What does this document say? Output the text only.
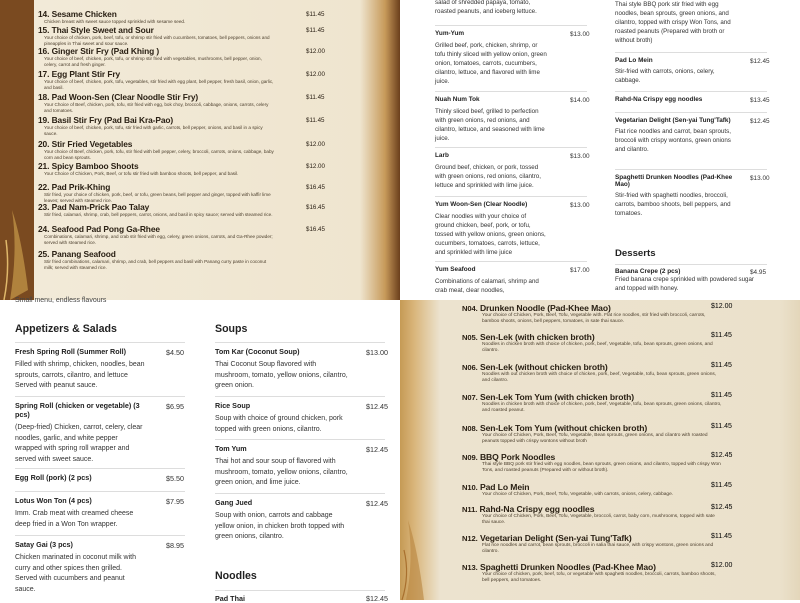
14. Sesame Chicken
Chicken breast with sweet sauce topped sprinkled with sesame seed.
$11.45
15. Thai Style Sweet and Sour
Your choice of chicken, pork, beef, tofu, or shrimp stir fried with cucumbers, tomatoes, bell peppers, onions and pineapples in Thai sweet and sour sauce.
$11.45
16. Ginger Stir Fry (Pad Khing )
Your choice of beef, chicken, pork, tofu, or shrimp stir fried with vegetables, mushrooms, bell pepper, onion, celery, carrot and fresh ginger.
$12.00
17. Egg Plant Stir Fry
Your choice of beef, chicken, pork, tofu, vegetables, stir fried with egg plant, bell pepper, fresh basil, onion, garlic, and basil.
$12.00
18. Pad Woon-Sen (Clear Noodle Stir Fry)
Your Choice of Beef, chicken, pork, tofu, stir fried with egg, bok choy, broccoli, cabbage, onions, carrots, celery and tomatoes.
$11.45
19. Basil Stir Fry (Pad Bai Kra-Pao)
Your choice of beef, chicken, pork, tofu, stir fried with garlic, carrots, bell pepper, onions, and basil in a spicy sauce.
$11.45
20. Stir Fried Vegetables
Your choice of Beef, chicken, pork, tofu, stir fried with bell pepper, celery, broccoli, carrots, onions, cabbage, baby corn and bean sprouts.
$12.00
21. Spicy Bamboo Shoots
Your Choice of Chicken, Pork, Beef, or tofu stir fried with bamboo shoots, bell pepper, and basil.
$12.00
22. Pad Prik-Khing
Stir fried, your choice of chicken, pork, beef, or tofu, green beans, bell pepper and ginger, topped with kaffir lime leaves; served with steamed rice.
$16.45
23. Pad Nam-Prick Pao Talay
Stir fried, calamari, shrimp, crab, bell peppers, carrot, onions, and basil in spicy sauce; served with steamed rice.
$16.45
24. Seafood Pad Pong Ga-Rhee
Combinations, calamari, shrimp, and crab stir fried with egg, celery, green onions, carrots, and Ga-Rhee powder; served with steamed rice.
$16.45
25. Panang Seafood
Stir fried combinations, calamari, shrimp, and crab, bell peppers and basil with Panang curry paste in coconut milk; served with steamed rice.
salad of shredded papaya, tomato, roasted peanuts, and iceberg lettuce.
Yum-Yum
Grilled beef, pork, chicken, shrimp, or tofu thinly sliced with yellow onion, green onion, tomatoes, carrots, cucumbers, cilantro, lettuce, and flavored with lime juice.
$13.00
Nuah Num Tok
Thinly sliced beef, grilled to perfection with green onions, red onions, and cilantro, lettuce, and seasoned with lime juice.
$14.00
Larb
Ground beef, chicken, or pork, tossed with green onions, red onions, cilantro, lettuce and sprinkled with lime juice.
$13.00
Yum Woon-Sen (Clear Noodle)
Clear noodles with your choice of ground chicken, beef, pork, or tofu, tossed with yellow onions, green onions, cucumbers, tomatoes, carrots, lettuce, and sprinkled with lime juice
$13.00
Yum Seafood
Combinations of calamari, shrimp and crab meat, clear noodles,
$17.00
Thai style BBQ pork stir fried with egg noodles, bean sprouts, green onions, and cilantro, topped with crispy Won Tons, and roasted peanuts (Prepared with broth or without broth)
Pad Lo Mein
Stir-fried with carrots, onions, celery, cabbage.
$12.45
Rahd-Na Crispy egg noodles	$13.45
Vegetarian Delight (Sen-yai Tung'Tafk)
Flat rice noodles and carrot, bean sprouts, broccoli with crispy wontons, green onions and cilantro.
$12.45
Spaghetti Drunken Noodles (Pad-Khee Mao)
Stir-fried with spaghetti noodles, broccoli, carrots, bamboo shoots, bell peppers, and tomatoes.
$13.00
Desserts
Banana Crepe (2 pcs)
Fried banana crepe sprinkled with powdered sugar and topped with honey.
$4.95
Small menu, endless flavours
Appetizers & Salads	Soups
Fresh Spring Roll (Summer Roll)
Filled with shrimp, chicken, noodles, bean sprouts, carrots, cilantro, and lettuce Served with peanut sauce.
$4.50
Spring Roll (chicken or vegetable) (3 pcs)
(Deep-fried) Chicken, carrot, celery, clear noodles, garlic, and white pepper wrapped with spring roll wrapper and served with sweet sauce.
$6.95
Egg Roll (pork) (2 pcs)	$5.50
Lotus Won Ton (4 pcs)
Imm. Crab meat with creamed cheese deep fried in a Won Ton wrapper.
$7.95
Satay Gai (3 pcs)
Chicken marinated in coconut milk with curry and other spices then grilled. Served with cucumbers and peanut sauce.
$8.95
Tom Kar (Coconut Soup)
Thai Coconut Soup flavored with mushroom, tomato, yellow onions, cilantro, green onion.
$13.00
Rice Soup
Soup with choice of ground chicken, pork topped with green onions, cilantro.
$12.45
Tom Yum
Thai hot and sour soup of flavored with mushroom, tomato, yellow onions, cilantro, green onion, and lime juice.
$12.45
Gang Jued
Soup with onion, carrots and cabbage yellow onion, in chicken broth topped with green onions, cilantro.
$12.45
Noodles
Pad Thai	$12.45
N04. Drunken Noodle (Pad-Khee Mao)
Your choice of Chicken, Pork, Beef, Tofu, Vegetable with. Flat rice noodles, stir fried with broccoli, carrots, bamboo shoots, onions, bell peppers, tomatoes, in sate thai sauce.
$12.00
N05. Sen-Lek (with chicken broth)
Noodles in chicken broth with choice of chicken, pork, beef, Vegetable, tofu, bean sprouts, green onions, and cilantro.
$11.45
N06. Sen-Lek (without chicken broth)
Noodles with out chicken broth with choice of chicken, pork, beef, Vegetable, tofu, bean sprouts, green onions, and cilantro.
$11.45
N07. Sen-Lek Tom Yum (with chicken broth)
Noodles in chicken broth with choice of chicken, pork, beef, Vegetable, tofu, bean sprouts, green onions, cilantro, and roasted peanut.
$11.45
N08. Sen-Lek Tom Yum (without chicken broth)
Your choice of Chicken, Pork, Beef, Tofu, Vegetable, Bean sprouts, green onions, and cilantro with roasted peanuts topped with crispy wontons without broth
$11.45
N09. BBQ Pork Noodles
Thai style BBQ pork stir fried with egg noodles, bean sprouts, green onions, and cilantro, topped with crispy Won Tons, and roasted peanuts (Prepared with or without broth).
$12.45
N10. Pad Lo Mein
Your choice of Chicken, Pork, Beef, Tofu, Vegetable, with carrots, onions, celery, cabbage.
$11.45
N11. Rahd-Na Crispy egg noodles
Your choice of Chicken, Pork, Beef, Tofu, Vegetable, broccoli, carrot, baby corn, mushrooms, topped with sate thai sauce.
$12.45
N12. Vegetarian Delight (Sen-yai Tung'Tafk)
Flat rice noodles and carrot, bean sprouts, broccoli in salia thai sauce, with crispy wontons, green onions and cilantro.
$11.45
N13. Spaghetti Drunken Noodles (Pad-Khee Mao)
Your choice of chicken, pork, beef, tofu, or vegetable with spaghetti noodles, broccoli, carrots, bamboo shoots, bell peppers, and tomatoes.
$12.00
